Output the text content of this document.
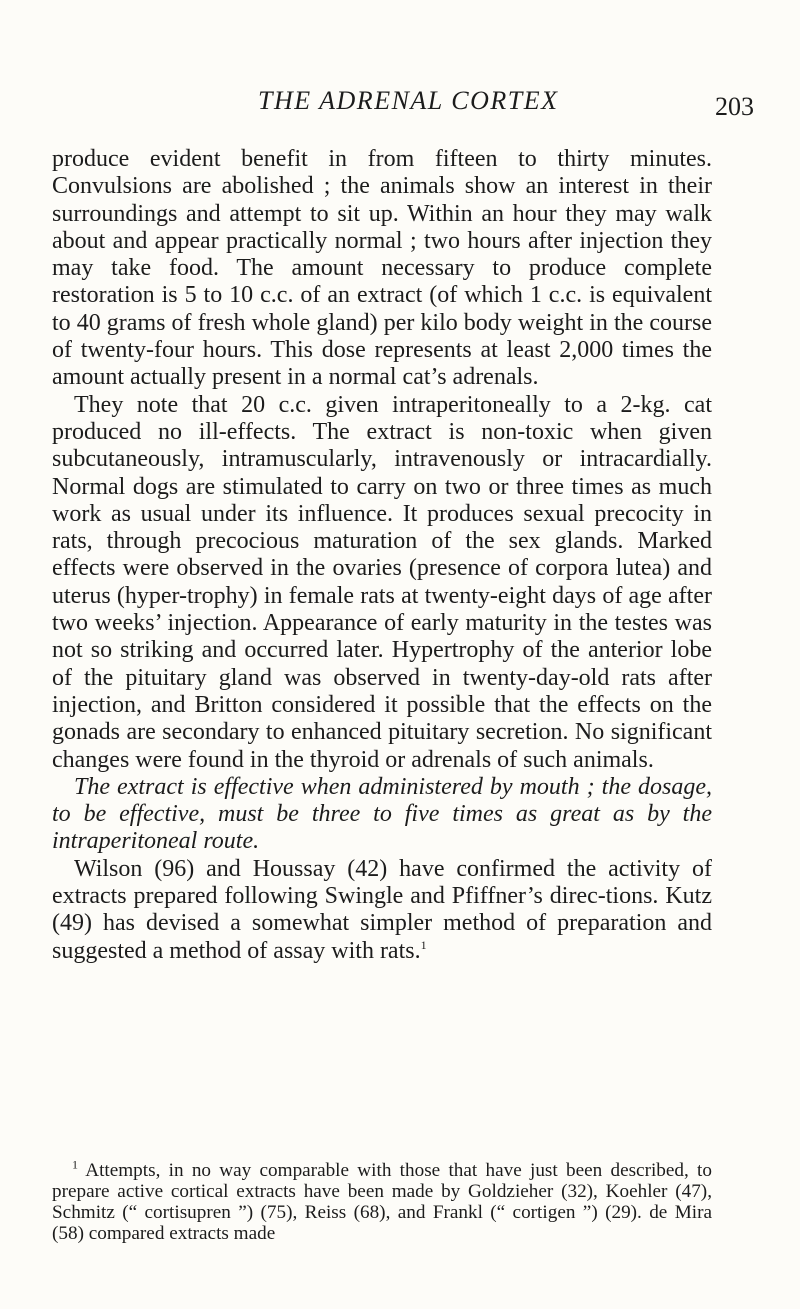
THE ADRENAL CORTEX	203

produce evident benefit in from fifteen to thirty minutes. Convulsions are abolished ; the animals show an interest in their surroundings and attempt to sit up. Within an hour they may walk about and appear practically normal ; two hours after injection they may take food. The amount necessary to produce complete restoration is 5 to 10 c.c. of an extract (of which 1 c.c. is equivalent to 40 grams of fresh whole gland) per kilo body weight in the course of twenty-four hours. This dose represents at least 2,000 times the amount actually present in a normal cat’s adrenals.

They note that 20 c.c. given intraperitoneally to a 2-kg. cat produced no ill-effects. The extract is non-toxic when given subcutaneously, intramuscularly, intravenously or intracardially. Normal dogs are stimulated to carry on two or three times as much work as usual under its influence. It produces sexual precocity in rats, through precocious maturation of the sex glands. Marked effects were observed in the ovaries (presence of corpora lutea) and uterus (hyper-trophy) in female rats at twenty-eight days of age after two weeks’ injection. Appearance of early maturity in the testes was not so striking and occurred later. Hypertrophy of the anterior lobe of the pituitary gland was observed in twenty-day-old rats after injection, and Britton considered it possible that the effects on the gonads are secondary to enhanced pituitary secretion. No significant changes were found in the thyroid or adrenals of such animals.

The extract is effective when administered by mouth ; the dosage, to be effective, must be three to five times as great as by the intraperitoneal route.

Wilson (96) and Houssay (42) have confirmed the activity of extracts prepared following Swingle and Pfiffner’s direc-tions. Kutz (49) has devised a somewhat simpler method of preparation and suggested a method of assay with rats.$^1$

$^1$ Attempts, in no way comparable with those that have just been described, to prepare active cortical extracts have been made by Goldzieher (32), Koehler (47), Schmitz (“ cortisupren ”) (75), Reiss (68), and Frankl (“ cortigen ”) (29). de Mira (58) compared extracts made
